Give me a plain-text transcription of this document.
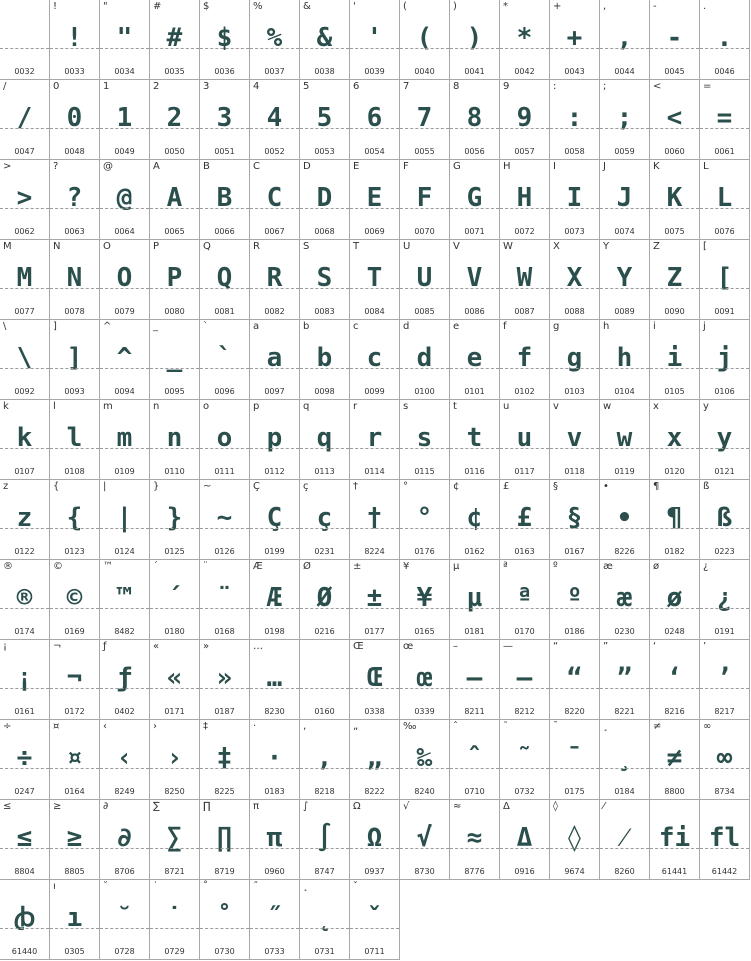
0032
!
!
0033
"
"
0034
#
#
0035
$
$
0036
%
%
0037
&
&
0038
'
'
0039
(
(
0040
)
)
0041
*
*
0042
+
+
0043
,
,
0044
-
-
0045
.
.
0046
/
/
0047
0
0
0048
1
1
0049
2
2
0050
3
3
0051
4
4
0052
5
5
0053
6
6
0054
7
7
0055
8
8
0056
9
9
0057
:
:
0058
;
;
0059
<
<
0060
=
=
0061
>
>
0062
?
?
0063
@
@
0064
A
A
0065
B
B
0066
C
C
0067
D
D
0068
E
E
0069
F
F
0070
G
G
0071
H
H
0072
I
I
0073
J
J
0074
K
K
0075
L
L
0076
M
M
0077
N
N
0078
O
O
0079
P
P
0080
Q
Q
0081
R
R
0082
S
S
0083
T
T
0084
U
U
0085
V
V
0086
W
W
0087
X
X
0088
Y
Y
0089
Z
Z
0090
[
[
0091
\
\
0092
]
]
0093
^
^
0094
_
_
0095
`
`
0096
a
a
0097
b
b
0098
c
c
0099
d
d
0100
e
e
0101
f
f
0102
g
g
0103
h
h
0104
i
i
0105
j
j
0106
k
k
0107
l
l
0108
m
m
0109
n
n
0110
o
o
0111
p
p
0112
q
q
0113
r
r
0114
s
s
0115
t
t
0116
u
u
0117
v
v
0118
w
w
0119
x
x
0120
y
y
0121
z
z
0122
{
{
0123
|
|
0124
}
}
0125
~
~
0126
Ç
Ç
0199
ç
ç
0231
†
†
8224
°
°
0176
¢
¢
0162
£
£
0163
§
§
0167
•
•
8226
¶
¶
0182
ß
ß
0223
®
®
0174
©
©
0169
™
™
8482
´
´
0180
¨
¨
0168
Æ
Æ
0198
Ø
Ø
0216
±
±
0177
¥
¥
0165
µ
µ
0181
ª
ª
0170
º
º
0186
æ
æ
0230
ø
ø
0248
¿
¿
0191
¡
¡
0161
¬
¬
0172
ƒ
ƒ
0402
«
«
0171
»
»
0187
…
…
8230	0160
Œ
Œ
0338
œ
œ
0339
–
–
8211
—
—
8212
“
“
8220
”
”
8221
‘
‘
8216
’
’
8217
÷
÷
0247
¤
¤
0164
‹
‹
8249
›
›
8250
‡
‡
8225
·
·
0183
‚
‚
8218
„
„
8222
‰
‰
8240
ˆ
ˆ
0710
˜
˜
0732
¯
¯
0175
¸
¸
0184
≠
≠
8800
∞
∞
8734
≤
≤
8804
≥
≥
8805
∂
∂
8706
∑
∑
8721
∏
∏
8719
π
π
0960
∫
∫
8747
Ω
Ω
0937
√
√
8730
≈
≈
8776
Δ
Δ
0916
◊
◊
9674
⁄
⁄
8260
fi
61441
fl
61442
ꞗ
61440
ı
ı
0305
˘
˘
0728
˙
˙
0729
˚
˚
0730
˝
˝
0733
˛
˛
0731
ˇ
ˇ
0711
